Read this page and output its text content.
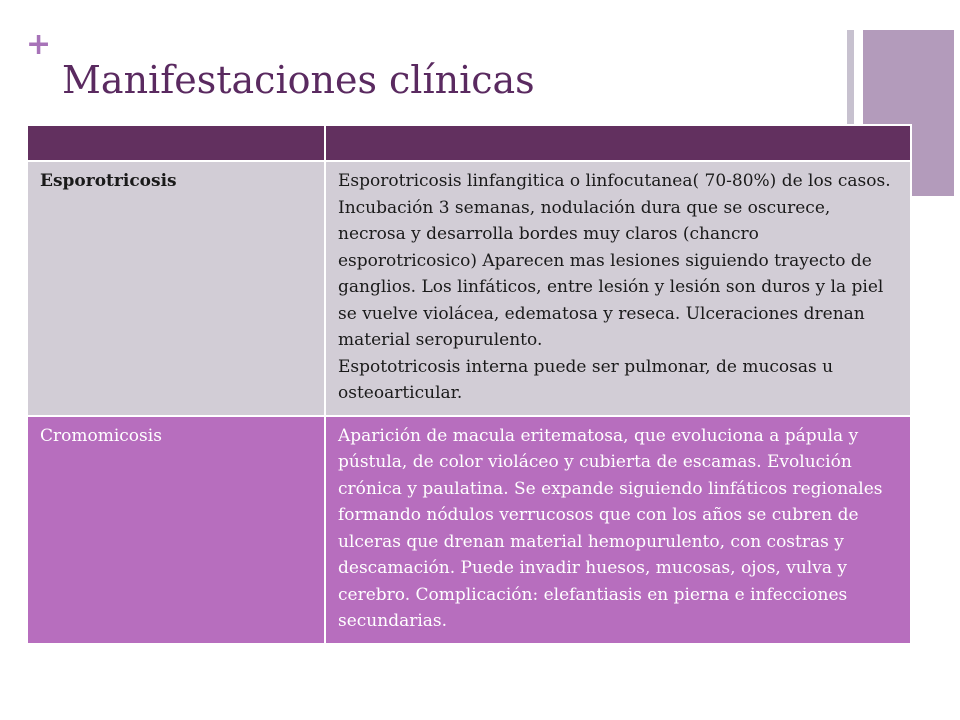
+
Manifestaciones clínicas

Esporotricosis	Esporotricosis linfangitica o linfocutanea( 70-80%) de los casos. Incubación 3 semanas, nodulación dura que se oscurece, necrosa y desarrolla bordes muy claros (chancro esporotricosico) Aparecen mas lesiones siguiendo trayecto de ganglios. Los linfáticos, entre lesión y lesión son duros y la piel se vuelve violácea, edematosa y reseca. Ulceraciones drenan material seropurulento.
Espototricosis interna puede ser pulmonar, de mucosas u osteoarticular.

Cromomicosis	Aparición de macula eritematosa, que evoluciona a pápula y pústula, de color violáceo y cubierta de escamas. Evolución crónica y paulatina. Se expande siguiendo linfáticos regionales formando nódulos verrucosos que con los años se cubren de ulceras que drenan material hemopurulento, con costras y descamación. Puede invadir huesos, mucosas, ojos, vulva y cerebro. Complicación: elefantiasis en pierna e infecciones secundarias.
